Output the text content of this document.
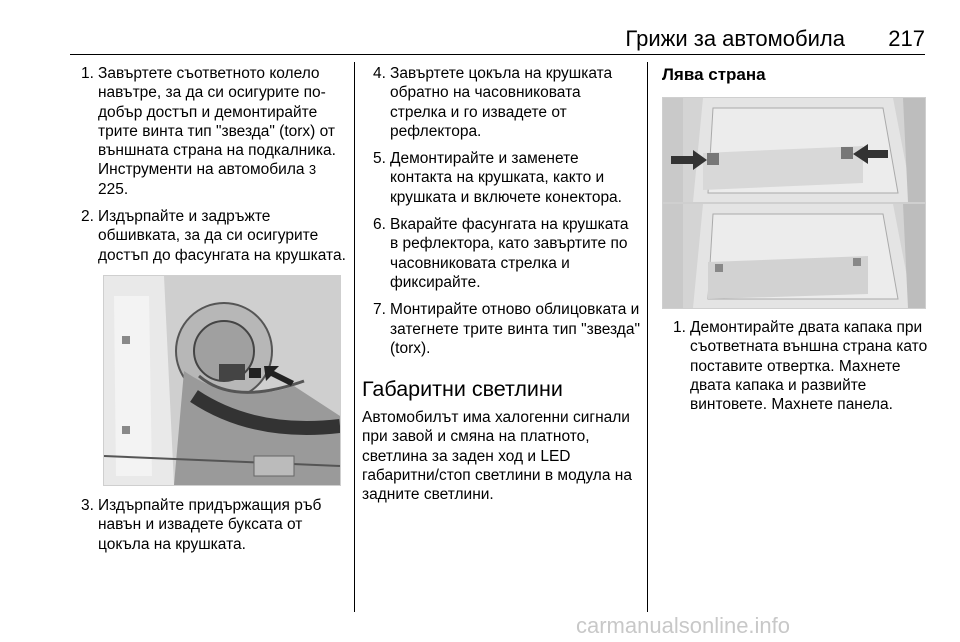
Грижи за автомобила 217
1. Завъртете съответното колело навътре, за да си осигурите по-добър достъп и демонтирайте трите винта тип "звезда" (torx) от външната страна на подкалника. Инструменти на автомобила 3 225.
2. Издърпайте и задръжте обшивката, за да си осигурите достъп до фасунгата на крушката.
3. Издърпайте придържащия ръб навън и извадете буксата от цокъла на крушката.
4. Завъртете цокъла на крушката обратно на часовниковата стрелка и го извадете от рефлектора.
5. Демонтирайте и заменете контакта на крушката, както и крушката и включете конектора.
6. Вкарайте фасунгата на крушката в рефлектора, като завъртите по часовниковата стрелка и фиксирайте.
7. Монтирайте отново облицовката и затегнете трите винта тип "звезда" (torx).
Габаритни светлини

Автомобилът има халогенни сигнали при завой и смяна на платното, светлина за заден ход и LED габаритни/стоп светлини в модула на задните светлини.

Лява страна
1. Демонтирайте двата капака при съответната външна страна като поставите отвертка. Махнете двата капака и развийте винтовете. Махнете панела.
carmanualsonline.info
